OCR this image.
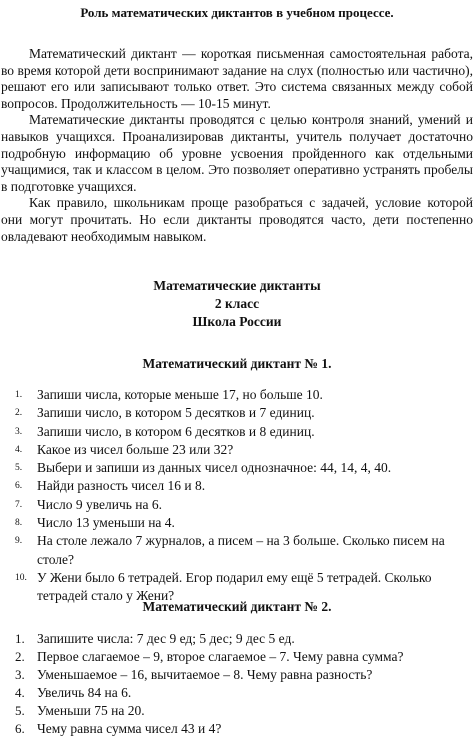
Роль математических диктантов в учебном процессе.

Математический диктант — короткая письменная самостоятельная работа, во время которой дети воспринимают задание на слух (полностью или частично), решают его или записывают только ответ. Это система связанных между собой вопросов. Продолжительность — 10-15 минут.

Математические диктанты проводятся с целью контроля знаний, умений и навыков учащихся. Проанализировав диктанты, учитель получает достаточно подробную информацию об уровне усвоения пройденного как отдельными учащимися, так и классом в целом. Это позволяет оперативно устранять пробелы в подготовке учащихся.

Как правило, школьникам проще разобраться с задачей, условие которой они могут прочитать. Но если диктанты проводятся часто, дети постепенно овладевают необходимым навыком.

Математические диктанты
2 класс
Школа России
Математический диктант № 1.
1. Запиши числа, которые меньше 17, но больше 10.
2. Запиши число, в котором 5 десятков и 7 единиц.
3. Запиши число, в котором 6 десятков и 8 единиц.
4. Какое из чисел больше 23 или 32?
5. Выбери и запиши из данных чисел однозначное: 44, 14, 4, 40.
6. Найди разность чисел 16 и 8.
7. Число 9 увеличь на 6.
8. Число 13 уменьши на 4.
9. На столе лежало 7 журналов, а писем – на 3 больше. Сколько писем на столе?
10. У Жени было 6 тетрадей. Егор подарил ему ещё 5 тетрадей. Сколько тетрадей стало у Жени?
Математический диктант № 2.
1. Запишите числа: 7 дес 9 ед; 5 дес; 9 дес 5 ед.
2. Первое слагаемое – 9, второе слагаемое – 7. Чему равна сумма?
3. Уменьшаемое – 16, вычитаемое – 8. Чему равна разность?
4. Увеличь 84 на 6.
5. Уменьши 75 на 20.
6. Чему равна сумма чисел 43 и 4?
